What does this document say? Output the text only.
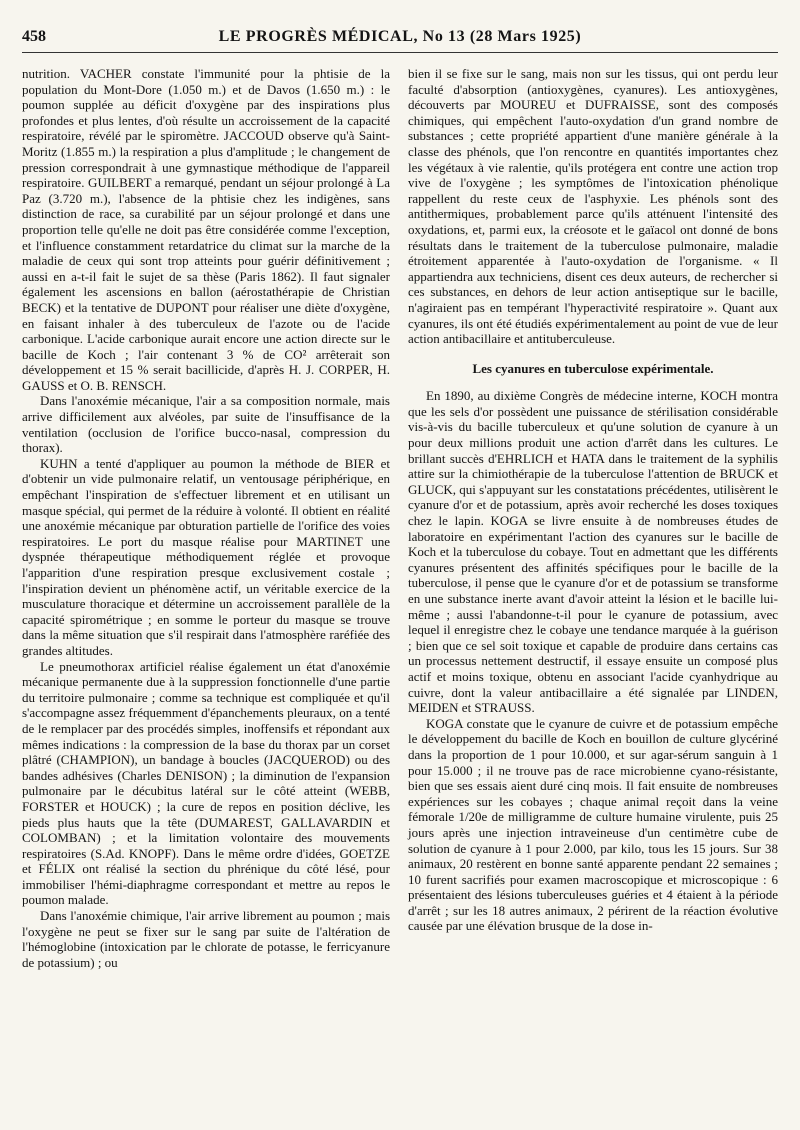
458	LE PROGRÈS MÉDICAL, No 13 (28 Mars 1925)

nutrition. VACHER constate l'immunité pour la phtisie de la population du Mont-Dore (1.050 m.) et de Davos (1.650 m.) : le poumon supplée au déficit d'oxygène par des inspirations plus profondes et plus lentes, d'où résulte un accroissement de la capacité respiratoire, révélé par le spiromètre. JACCOUD observe qu'à Saint-Moritz (1.855 m.) la respiration a plus d'amplitude ; le changement de pression correspondrait à une gymnastique méthodique de l'appareil respiratoire. GUILBERT a remarqué, pendant un séjour prolongé à La Paz (3.720 m.), l'absence de la phtisie chez les indigènes, sans distinction de race, sa curabilité par un séjour prolongé et dans une proportion telle qu'elle ne doit pas être considérée comme l'exception, et l'influence constamment retardatrice du climat sur la marche de la maladie de ceux qui sont trop atteints pour guérir définitivement ; aussi en a-t-il fait le sujet de sa thèse (Paris 1862). Il faut signaler également les ascensions en ballon (aérostathérapie de Christian BECK) et la tentative de DUPONT pour réaliser une diète d'oxygène, en faisant inhaler à des tuberculeux de l'azote ou de l'acide carbonique. L'acide carbonique aurait encore une action directe sur le bacille de Koch ; l'air contenant 3 % de CO² arrêterait son développement et 15 % serait bacillicide, d'après H. J. CORPER, H. GAUSS et O. B. RENSCH.

Dans l'anoxémie mécanique, l'air a sa composition normale, mais arrive difficilement aux alvéoles, par suite de l'insuffisance de la ventilation (occlusion de l'orifice bucco-nasal, compression du thorax).

KUHN a tenté d'appliquer au poumon la méthode de BIER et d'obtenir un vide pulmonaire relatif, un ventousage périphérique, en empêchant l'inspiration de s'effectuer librement et en utilisant un masque spécial, qui permet de la réduire à volonté. Il obtient en réalité une anoxémie mécanique par obturation partielle de l'orifice des voies respiratoires. Le port du masque réalise pour MARTINET une dyspnée thérapeutique méthodiquement réglée et provoque l'apparition d'une respiration presque exclusivement costale ; l'inspiration devient un phénomène actif, un véritable exercice de la musculature thoracique et détermine un accroissement parallèle de la capacité spirométrique ; en somme le porteur du masque se trouve dans la même situation que s'il respirait dans l'atmosphère raréfiée des grandes altitudes.

Le pneumothorax artificiel réalise également un état d'anoxémie mécanique permanente due à la suppression fonctionnelle d'une partie du territoire pulmonaire ; comme sa technique est compliquée et qu'il s'accompagne assez fréquemment d'épanchements pleuraux, on a tenté de le remplacer par des procédés simples, inoffensifs et répondant aux mêmes indications : la compression de la base du thorax par un corset plâtré (CHAMPION), un bandage à boucles (JACQUEROD) ou des bandes adhésives (Charles DENISON) ; la diminution de l'expansion pulmonaire par le décubitus latéral sur le côté atteint (WEBB, FORSTER et HOUCK) ; la cure de repos en position déclive, les pieds plus hauts que la tête (DUMAREST, GALLAVARDIN et COLOMBAN) ; et la limitation volontaire des mouvements respiratoires (S.Ad. KNOPF). Dans le même ordre d'idées, GOETZE et FÉLIX ont réalisé la section du phrénique du côté lésé, pour immobiliser l'hémi-diaphragme correspondant et mettre au repos le poumon malade.

Dans l'anoxémie chimique, l'air arrive librement au poumon ; mais l'oxygène ne peut se fixer sur le sang par suite de l'altération de l'hémoglobine (intoxication par le chlorate de potasse, le ferricyanure de potassium) ; ou

bien il se fixe sur le sang, mais non sur les tissus, qui ont perdu leur faculté d'absorption (antioxygènes, cyanures). Les antioxygènes, découverts par MOUREU et DUFRAISSE, sont des composés chimiques, qui empêchent l'auto-oxydation d'un grand nombre de substances ; cette propriété appartient d'une manière générale à la classe des phénols, que l'on rencontre en quantités importantes chez les végétaux à vie ralentie, qu'ils protégera ent contre une action trop vive de l'oxygène ; les symptômes de l'intoxication phénolique rappellent du reste ceux de l'asphyxie. Les phénols sont des antithermiques, probablement parce qu'ils atténuent l'intensité des oxydations, et, parmi eux, la créosote et le gaïacol ont donné de bons résultats dans le traitement de la tuberculose pulmonaire, maladie étroitement apparentée à l'auto-oxydation de l'organisme. « Il appartiendra aux techniciens, disent ces deux auteurs, de rechercher si ces substances, en dehors de leur action antiseptique sur le bacille, n'agiraient pas en tempérant l'hyperactivité respiratoire ». Quant aux cyanures, ils ont été étudiés expérimentalement au point de vue de leur action antibacillaire et antituberculeuse.

Les cyanures en tuberculose expérimentale.

En 1890, au dixième Congrès de médecine interne, KOCH montra que les sels d'or possèdent une puissance de stérilisation considérable vis-à-vis du bacille tuberculeux et qu'une solution de cyanure à un pour deux millions produit une action d'arrêt dans les cultures. Le brillant succès d'EHRLICH et HATA dans le traitement de la syphilis attire sur la chimiothérapie de la tuberculose l'attention de BRUCK et GLUCK, qui s'appuyant sur les constatations précédentes, utilisèrent le cyanure d'or et de potassium, après avoir recherché les doses toxiques chez le lapin. KOGA se livre ensuite à de nombreuses études de laboratoire en expérimentant l'action des cyanures sur le bacille de Koch et la tuberculose du cobaye. Tout en admettant que les différents cyanures présentent des affinités spécifiques pour le bacille de la tuberculose, il pense que le cyanure d'or et de potassium se transforme en une substance inerte avant d'avoir atteint la lésion et le bacille lui-même ; aussi l'abandonne-t-il pour le cyanure de potassium, avec lequel il enregistre chez le cobaye une tendance marquée à la guérison ; bien que ce sel soit toxique et capable de produire dans certains cas un processus nettement destructif, il essaye ensuite un composé plus actif et moins toxique, obtenu en associant l'acide cyanhydrique au cuivre, dont la valeur antibacillaire a été signalée par LINDEN, MEIDEN et STRAUSS.

KOGA constate que le cyanure de cuivre et de potassium empêche le développement du bacille de Koch en bouillon de culture glycériné dans la proportion de 1 pour 10.000, et sur agar-sérum sanguin à 1 pour 15.000 ; il ne trouve pas de race microbienne cyano-résistante, bien que ses essais aient duré cinq mois. Il fait ensuite de nombreuses expériences sur les cobayes ; chaque animal reçoit dans la veine fémorale 1/20e de milligramme de culture humaine virulente, puis 25 jours après une injection intraveineuse d'un centimètre cube de solution de cyanure à 1 pour 2.000, par kilo, tous les 15 jours. Sur 38 animaux, 20 restèrent en bonne santé apparente pendant 22 semaines ; 10 furent sacrifiés pour examen macroscopique et microscopique : 6 présentaient des lésions tuberculeuses guéries et 4 étaient à la période d'arrêt ; sur les 18 autres animaux, 2 périrent de la réaction évolutive causée par une élévation brusque de la dose in-
